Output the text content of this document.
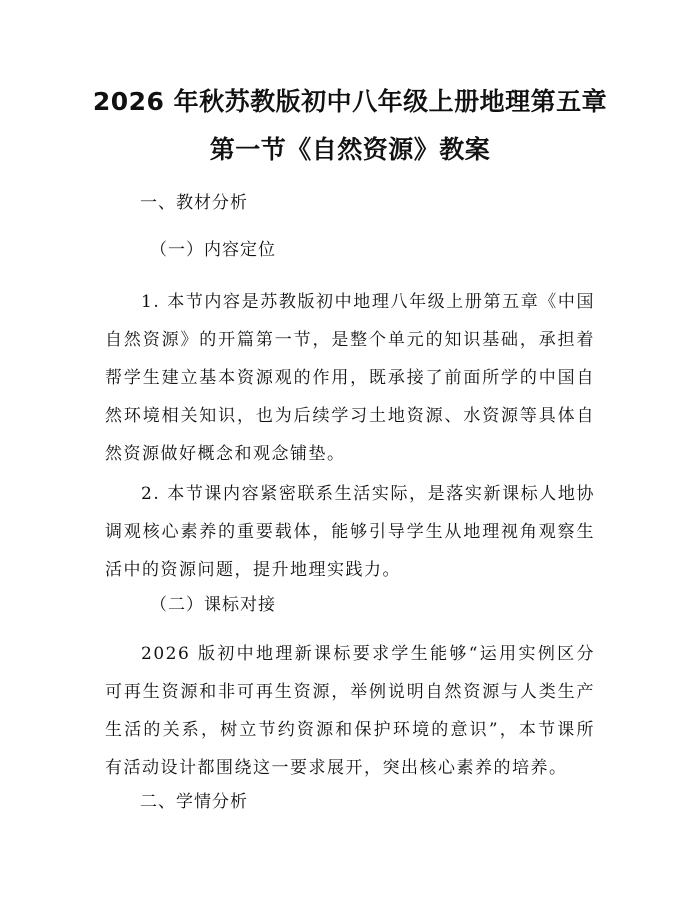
2026 年秋苏教版初中八年级上册地理第五章
第一节《自然资源》教案
一、教材分析
（一）内容定位

1. 本节内容是苏教版初中地理八年级上册第五章《中国自然资源》的开篇第一节，是整个单元的知识基础，承担着帮学生建立基本资源观的作用，既承接了前面所学的中国自然环境相关知识，也为后续学习土地资源、水资源等具体自然资源做好概念和观念铺垫。

2. 本节课内容紧密联系生活实际，是落实新课标人地协调观核心素养的重要载体，能够引导学生从地理视角观察生活中的资源问题，提升地理实践力。

（二）课标对接

2026 版初中地理新课标要求学生能够“运用实例区分可再生资源和非可再生资源，举例说明自然资源与人类生产生活的关系，树立节约资源和保护环境的意识”，本节课所有活动设计都围绕这一要求展开，突出核心素养的培养。

二、学情分析
